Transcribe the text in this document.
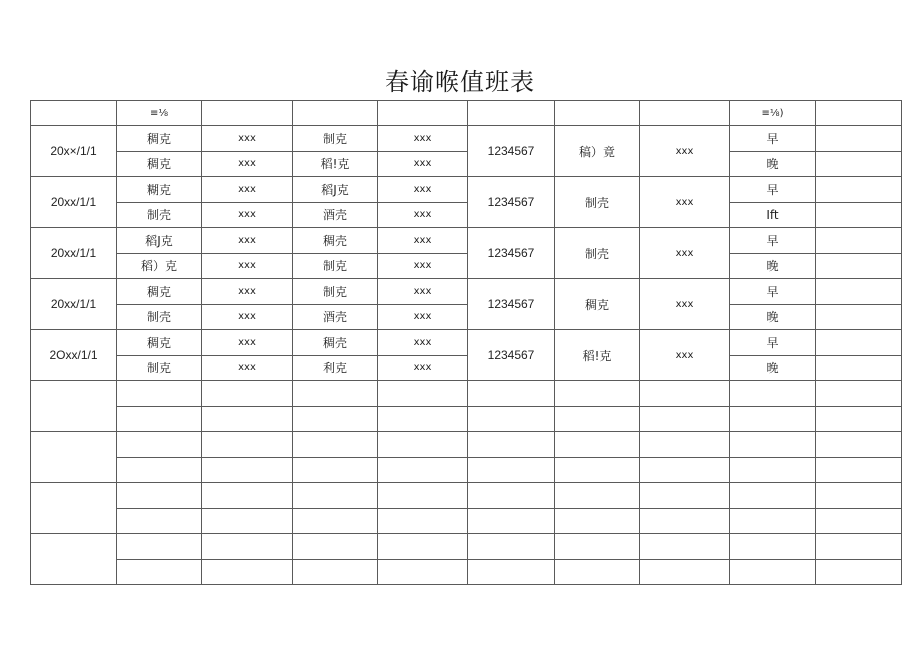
春谕喉值班表
	≡⅛							≡⅛)	
20x×/1/1	稠克	xxx	制克	xxx	1234567	稿）竟	xxx	早	
	稠克	xxx	稻!克	xxx				晚	
20xx/1/1	糊克	xxx	稻J克	xxx	1234567	制壳	xxx	早	
	制壳	xxx	酒壳	xxx				Ift	
20xx/1/1	稻J克	xxx	稠壳	xxx	1234567	制壳	xxx	早	
	稻）克	xxx	制克	xxx				晚	
20xx/1/1	稠克	xxx	制克	xxx	1234567	稠克	xxx	早	
	制壳	xxx	酒壳	xxx				晚	
2Oxx/1/1	稠克	xxx	稠壳	xxx	1234567	稻!克	xxx	早	
	制克	xxx	利克	xxx				晚	
